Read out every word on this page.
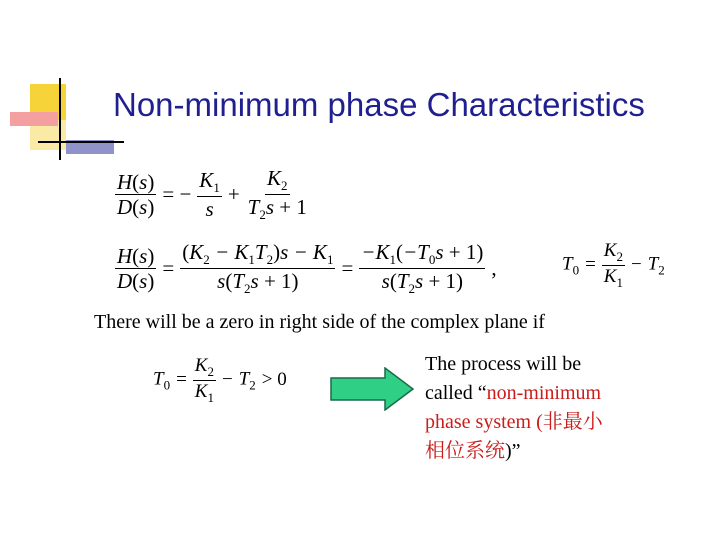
Non-minimum phase Characteristics
$\frac{H(s)}{D(s)}$ = − $\frac{K_1}{s} + \frac{K_2}{T_2s + 1}$
$\frac{H(s)}{D(s)} = \frac{(K_2 - K_1T_2)s - K_1}{s(T_2s + 1)} = \frac{-K_1(-T_0s + 1)}{s(T_2s + 1)}$ ,	$T_0 = \frac{K_2}{K_1} - T_2$
There will be a zero in right side of the complex plane if
$T_0 = \frac{K_2}{K_1} - T_2 > 0$
The process will be
called “non-minimum
phase system (非最小
相位系统)”
